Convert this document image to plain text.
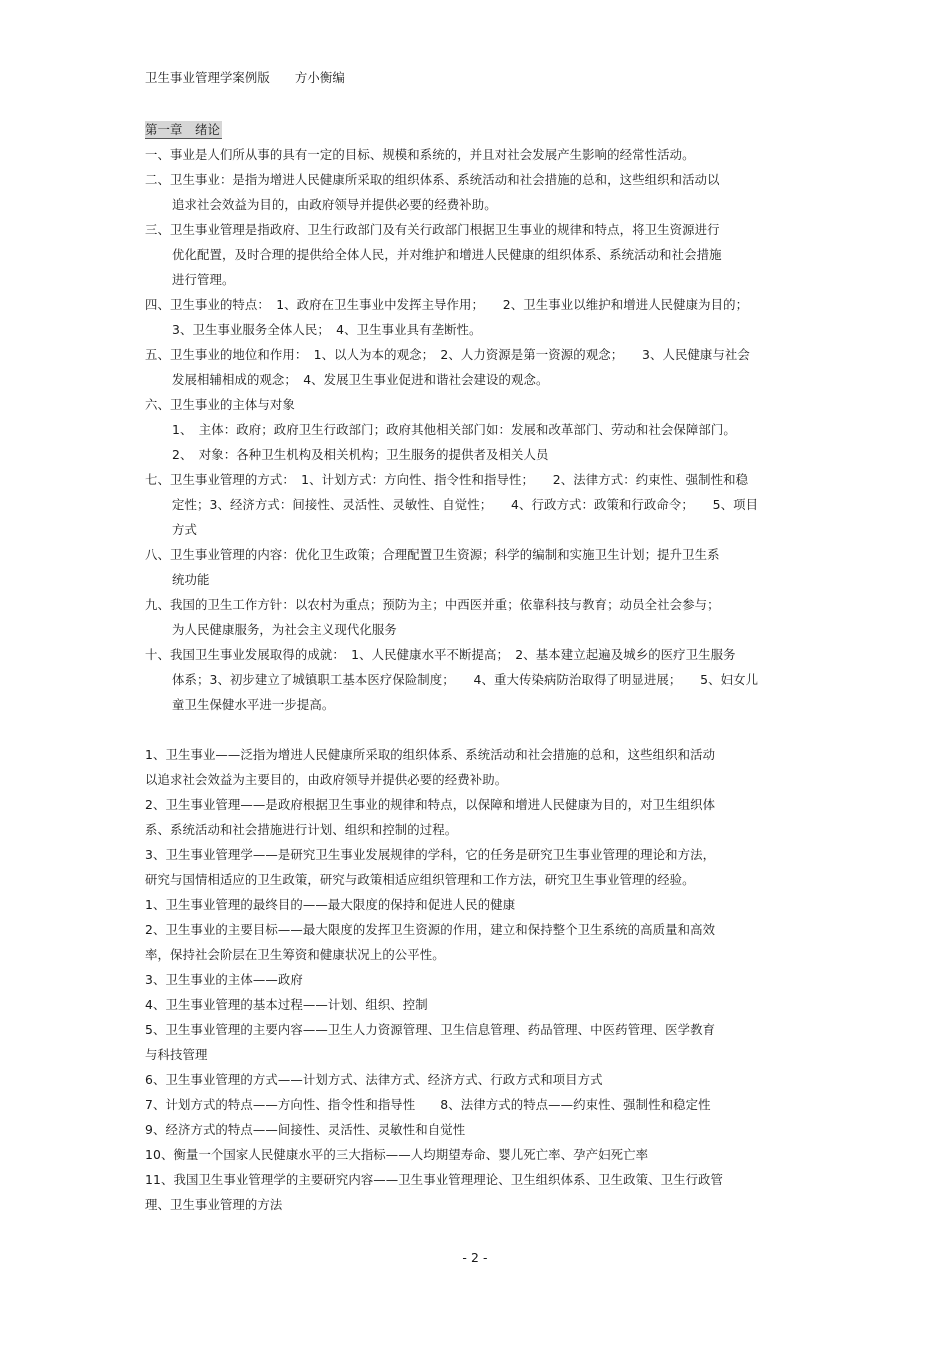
卫生事业管理学案例版　　方小衡编
第一章　绪论
一、事业是人们所从事的具有一定的目标、规模和系统的，并且对社会发展产生影响的经常性活动。
二、卫生事业：是指为增进人民健康所采取的组织体系、系统活动和社会措施的总和，这些组织和活动以
追求社会效益为目的，由政府领导并提供必要的经费补助。
三、卫生事业管理是指政府、卫生行政部门及有关行政部门根据卫生事业的规律和特点，将卫生资源进行
优化配置，及时合理的提供给全体人民，并对维护和增进人民健康的组织体系、系统活动和社会措施
进行管理。
四、卫生事业的特点：　1、政府在卫生事业中发挥主导作用；　　2、卫生事业以维护和增进人民健康为目的；
3、卫生事业服务全体人民；　4、卫生事业具有垄断性。
五、卫生事业的地位和作用：　1、以人为本的观念；　2、人力资源是第一资源的观念；　　3、人民健康与社会
发展相辅相成的观念；　4、发展卫生事业促进和谐社会建设的观念。
六、卫生事业的主体与对象
1、　主体：政府；政府卫生行政部门；政府其他相关部门如：发展和改革部门、劳动和社会保障部门。
2、　对象：各种卫生机构及相关机构；卫生服务的提供者及相关人员
七、卫生事业管理的方式：　1、计划方式：方向性、指令性和指导性；　　2、法律方式：约束性、强制性和稳
定性；3、经济方式：间接性、灵活性、灵敏性、自觉性；　　4、行政方式：政策和行政命令；　　5、项目
方式
八、卫生事业管理的内容：优化卫生政策；合理配置卫生资源；科学的编制和实施卫生计划；提升卫生系
统功能
九、我国的卫生工作方针：以农村为重点；预防为主；中西医并重；依靠科技与教育；动员全社会参与；
为人民健康服务，为社会主义现代化服务
十、我国卫生事业发展取得的成就：　1、人民健康水平不断提高；　2、基本建立起遍及城乡的医疗卫生服务
体系；3、初步建立了城镇职工基本医疗保险制度；　　4、重大传染病防治取得了明显进展；　　5、妇女儿
童卫生保健水平进一步提高。
1、卫生事业——泛指为增进人民健康所采取的组织体系、系统活动和社会措施的总和，这些组织和活动
以追求社会效益为主要目的，由政府领导并提供必要的经费补助。
2、卫生事业管理——是政府根据卫生事业的规律和特点，以保障和增进人民健康为目的，对卫生组织体
系、系统活动和社会措施进行计划、组织和控制的过程。
3、卫生事业管理学——是研究卫生事业发展规律的学科，它的任务是研究卫生事业管理的理论和方法，
研究与国情相适应的卫生政策，研究与政策相适应组织管理和工作方法，研究卫生事业管理的经验。
1、卫生事业管理的最终目的——最大限度的保持和促进人民的健康
2、卫生事业的主要目标——最大限度的发挥卫生资源的作用，建立和保持整个卫生系统的高质量和高效
率，保持社会阶层在卫生筹资和健康状况上的公平性。
3、卫生事业的主体——政府
4、卫生事业管理的基本过程——计划、组织、控制
5、卫生事业管理的主要内容——卫生人力资源管理、卫生信息管理、药品管理、中医药管理、医学教育
与科技管理
6、卫生事业管理的方式——计划方式、法律方式、经济方式、行政方式和项目方式
7、计划方式的特点——方向性、指令性和指导性　　8、法律方式的特点——约束性、强制性和稳定性
9、经济方式的特点——间接性、灵活性、灵敏性和自觉性
10、衡量一个国家人民健康水平的三大指标——人均期望寿命、婴儿死亡率、孕产妇死亡率
11、我国卫生事业管理学的主要研究内容——卫生事业管理理论、卫生组织体系、卫生政策、卫生行政管
理、卫生事业管理的方法
- 2 -
